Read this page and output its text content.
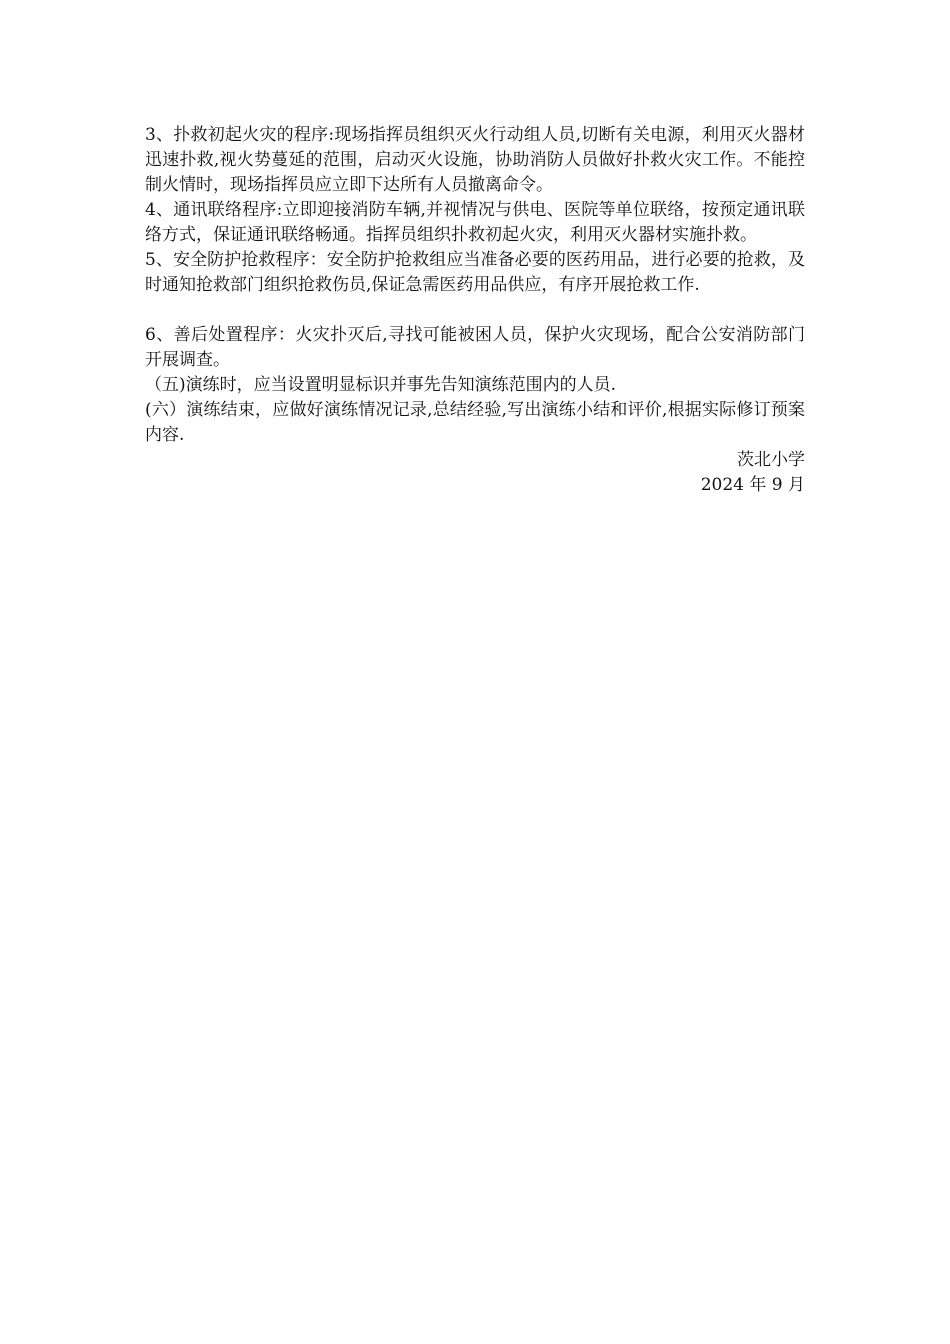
3、扑救初起火灾的程序:现场指挥员组织灭火行动组人员,切断有关电源，利用灭火器材迅速扑救,视火势蔓延的范围，启动灭火设施，协助消防人员做好扑救火灾工作。不能控制火情时，现场指挥员应立即下达所有人员撤离命令。

4、通讯联络程序:立即迎接消防车辆,并视情况与供电、医院等单位联络，按预定通讯联络方式，保证通讯联络畅通。指挥员组织扑救初起火灾，利用灭火器材实施扑救。

5、安全防护抢救程序：安全防护抢救组应当准备必要的医药用品，进行必要的抢救，及时通知抢救部门组织抢救伤员,保证急需医药用品供应，有序开展抢救工作.

6、善后处置程序：火灾扑灭后,寻找可能被困人员，保护火灾现场，配合公安消防部门开展调查。

（五)演练时，应当设置明显标识并事先告知演练范围内的人员.

(六）演练结束，应做好演练情况记录,总结经验,写出演练小结和评价,根据实际修订预案内容.

茨北小学

2024 年 9 月
